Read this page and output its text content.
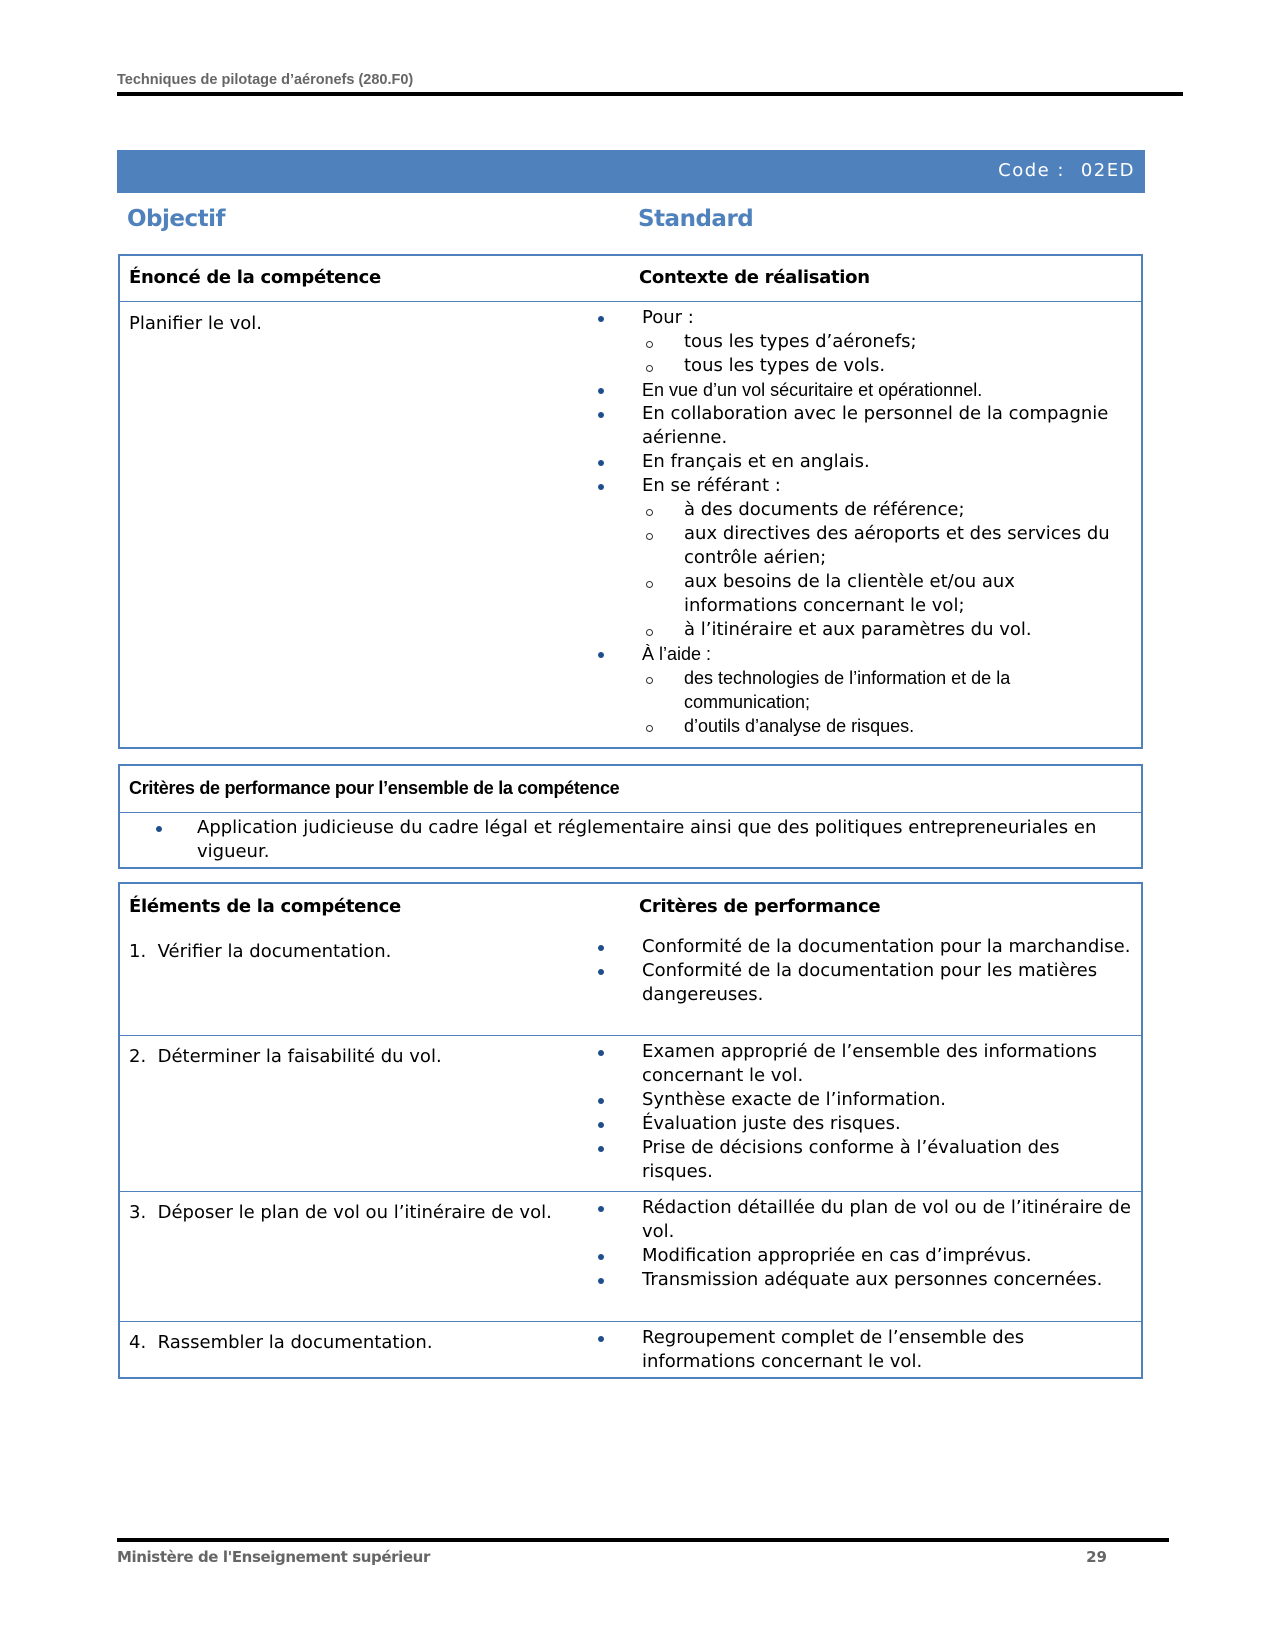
Techniques de pilotage d’aéronefs (280.F0)
Code : 02ED
Objectif	Standard
Énoncé de la compétence	Contexte de réalisation
Planifier le vol.	Pour :
tous les types d’aéronefs;
tous les types de vols.
En vue d’un vol sécuritaire et opérationnel.
En collaboration avec le personnel de la compagnie aérienne.
En français et en anglais.
En se référant :
à des documents de référence;
aux directives des aéroports et des services du contrôle aérien;
aux besoins de la clientèle et/ou aux informations concernant le vol;
à l’itinéraire et aux paramètres du vol.
À l’aide :
des technologies de l’information et de la communication;
d’outils d’analyse de risques.
Critères de performance pour l’ensemble de la compétence
Application judicieuse du cadre légal et réglementaire ainsi que des politiques entrepreneuriales en vigueur.
Éléments de la compétence	Critères de performance
1.  Vérifier la documentation.	Conformité de la documentation pour la marchandise.
Conformité de la documentation pour les matières dangereuses.
2.  Déterminer la faisabilité du vol.	Examen approprié de l’ensemble des informations concernant le vol.
Synthèse exacte de l’information.
Évaluation juste des risques.
Prise de décisions conforme à l’évaluation des risques.
3.  Déposer le plan de vol ou l’itinéraire de vol.	Rédaction détaillée du plan de vol ou de l’itinéraire de vol.
Modification appropriée en cas d’imprévus.
Transmission adéquate aux personnes concernées.
4.  Rassembler la documentation.	Regroupement complet de l’ensemble des informations concernant le vol.
Ministère de l'Enseignement supérieur	29
